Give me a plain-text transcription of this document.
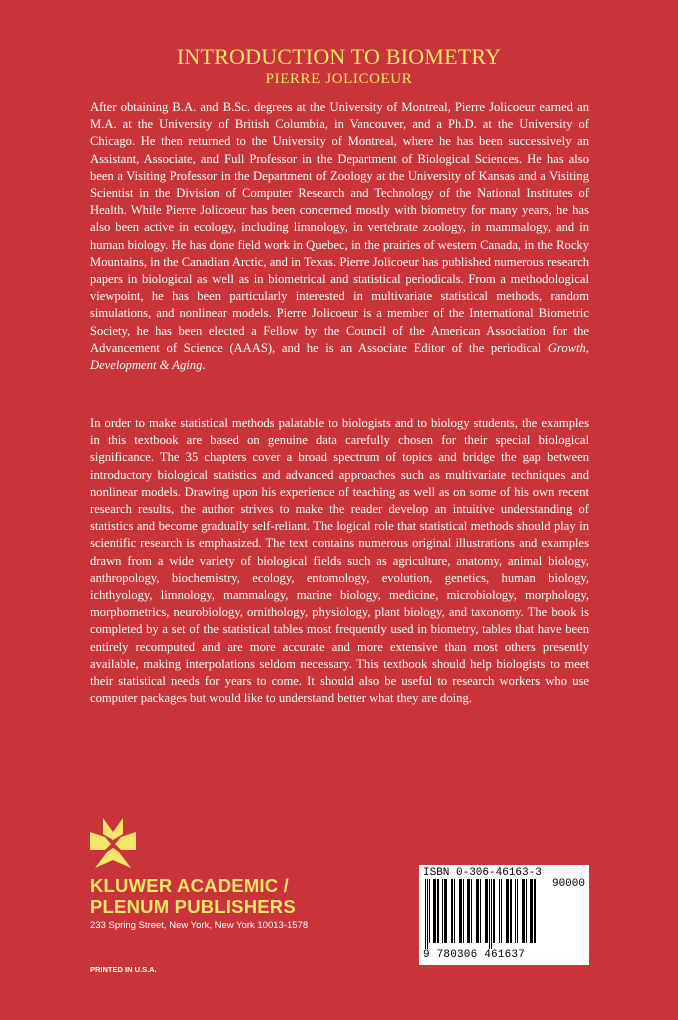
INTRODUCTION TO BIOMETRY
PIERRE JOLICOEUR

After obtaining B.A. and B.Sc. degrees at the University of Montreal, Pierre Jolicoeur earned an M.A. at the University of British Columbia, in Vancouver, and a Ph.D. at the University of Chicago. He then returned to the University of Montreal, where he has been successively an Assistant, Associate, and Full Professor in the Department of Biological Sciences. He has also been a Visiting Professor in the Department of Zoology at the University of Kansas and a Visiting Scientist in the Division of Computer Research and Technology of the National Institutes of Health. While Pierre Jolicoeur has been concerned mostly with biometry for many years, he has also been active in ecology, including limnology, in vertebrate zoology, in mammalogy, and in human biology. He has done field work in Quebec, in the prairies of western Canada, in the Rocky Mountains, in the Canadian Arctic, and in Texas. Pierre Jolicoeur has published numerous research papers in biological as well as in biometrical and statistical periodicals. From a methodological viewpoint, he has been particularly interested in multivariate statistical methods, random simulations, and nonlinear models. Pierre Jolicoeur is a member of the International Biometric Society, he has been elected a Fellow by the Council of the American Association for the Advancement of Science (AAAS), and he is an Associate Editor of the periodical Growth, Development & Aging.

In order to make statistical methods palatable to biologists and to biology students, the examples in this textbook are based on genuine data carefully chosen for their special biological significance. The 35 chapters cover a broad spectrum of topics and bridge the gap between introductory biological statistics and advanced approaches such as multivariate techniques and nonlinear models. Drawing upon his experience of teaching as well as on some of his own recent research results, the author strives to make the reader develop an intuitive understanding of statistics and become gradually self-reliant. The logical role that statistical methods should play in scientific research is emphasized. The text contains numerous original illustrations and examples drawn from a wide variety of biological fields such as agriculture, anatomy, animal biology, anthropology, biochemistry, ecology, entomology, evolution, genetics, human biology, ichthyology, limnology, mammalogy, marine biology, medicine, microbiology, morphology, morphometrics, neurobiology, ornithology, physiology, plant biology, and taxonomy. The book is completed by a set of the statistical tables most frequently used in biometry, tables that have been entirely recomputed and are more accurate and more extensive than most others presently available, making interpolations seldom necessary. This textbook should help biologists to meet their statistical needs for years to come. It should also be useful to research workers who use computer packages but would like to understand better what they are doing.

KLUWER ACADEMIC /
PLENUM PUBLISHERS
233 Spring Street, New York, New York 10013-1578
PRINTED IN U.S.A.
ISBN 0-306-46163-3
90000
9 780306 461637
